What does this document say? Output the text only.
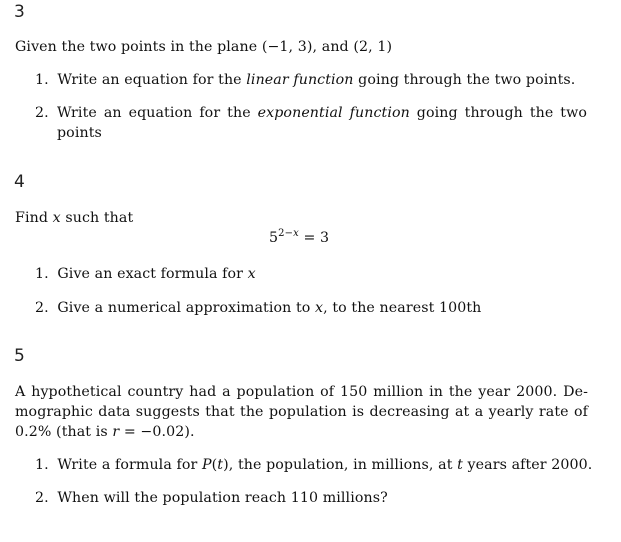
3
Given the two points in the plane (−1, 3), and (2, 1)
1. Write an equation for the linear function going through the two points.
2. Write an equation for the exponential function going through the two
points
4
Find x such that
$5^{2-x} = 3$
1. Give an exact formula for x
2. Give a numerical approximation to x, to the nearest 100th
5
A hypothetical country had a population of 150 million in the year 2000. De-
mographic data suggests that the population is decreasing at a yearly rate of
0.2% (that is r = −0.02).
1. Write a formula for P(t), the population, in millions, at t years after 2000.
2. When will the population reach 110 millions?
